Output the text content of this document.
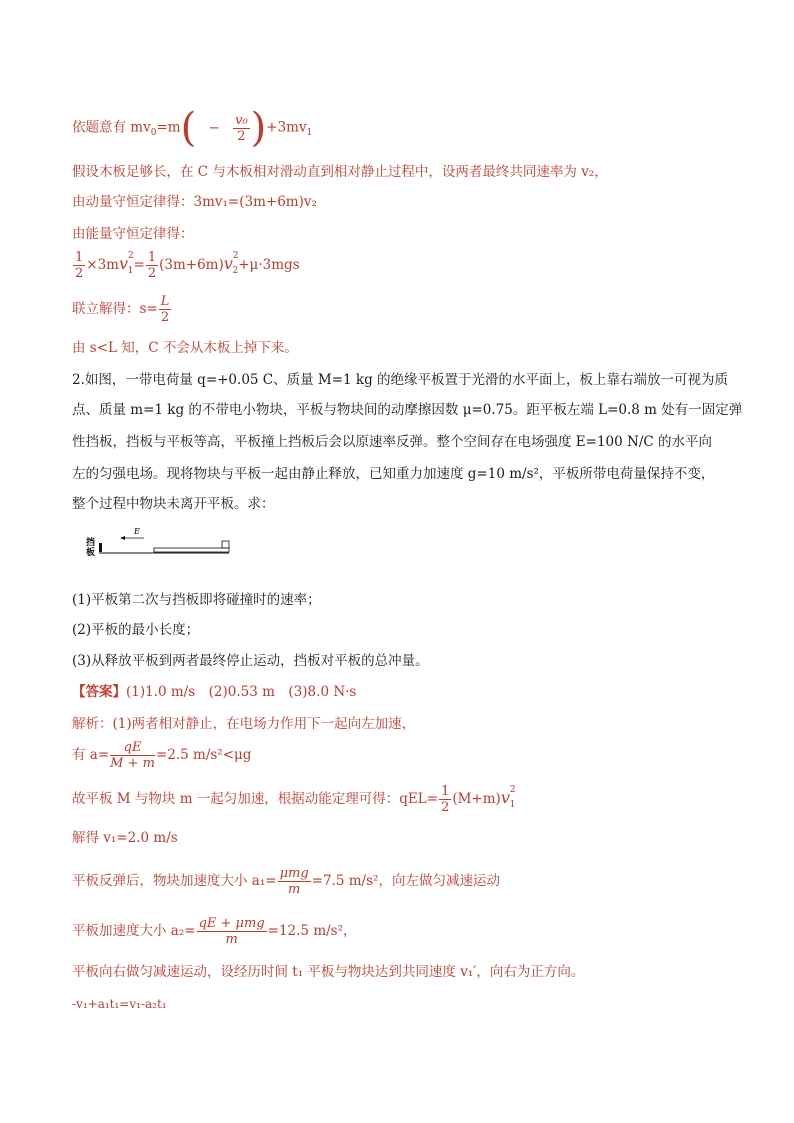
依题意有 $mv_0=m( - \frac{\text{v₀}}{2} )+3mv_1$
假设木板足够长，在 C 与木板相对滑动直到相对静止过程中，设两者最终共同速率为 v₂，
由动量守恒定律得：3mv₁=(3m+6m)v₂
由能量守恒定律得：
$\frac{1}{2} \times 3mv^2_1= \frac{1}{2} (3m+6m)v^2_2+\mu\cdot 3mgs$
联立解得：$s= \frac{L}{2}$
由 s<L 知，C 不会从木板上掉下来。
2.如图，一带电荷量 q=+0.05 C、质量 M=1 kg 的绝缘平板置于光滑的水平面上，板上靠右端放一可视为质
点、质量 m=1 kg 的不带电小物块，平板与物块间的动摩擦因数 μ=0.75。距平板左端 L=0.8 m 处有一固定弹
性挡板，挡板与平板等高，平板撞上挡板后会以原速率反弹。整个空间存在电场强度 E=100 N/C 的水平向
左的匀强电场。现将物块与平板一起由静止释放，已知重力加速度 g=10 m/s²，平板所带电荷量保持不变，
整个过程中物块未离开平板。求：
挡
板
E
(1)平板第二次与挡板即将碰撞时的速率；
(2)平板的最小长度；
(3)从释放平板到两者最终停止运动，挡板对平板的总冲量。
【答案】(1)1.0 m/s　(2)0.53 m　(3)8.0 N·s
解析：(1)两者相对静止，在电场力作用下一起向左加速，
有 $a= \frac{qE}{M + m} =2.5$ m/s²<μg
故平板 M 与物块 m 一起匀加速，根据动能定理可得：$qEL= \frac{1}{2} (M+m)v^2_1$
解得 v₁=2.0 m/s
平板反弹后，物块加速度大小 $a_1= \frac{\text{μmg}}{m} =7.5$ m/s²，向左做匀减速运动
平板加速度大小 $a_2= \frac{\text{qE + μmg}}{m} =12.5$ m/s²，
平板向右做匀减速运动，设经历时间 t₁ 平板与物块达到共同速度 v₁′，向右为正方向。
-v₁+a₁t₁=v₁-a₂t₁
